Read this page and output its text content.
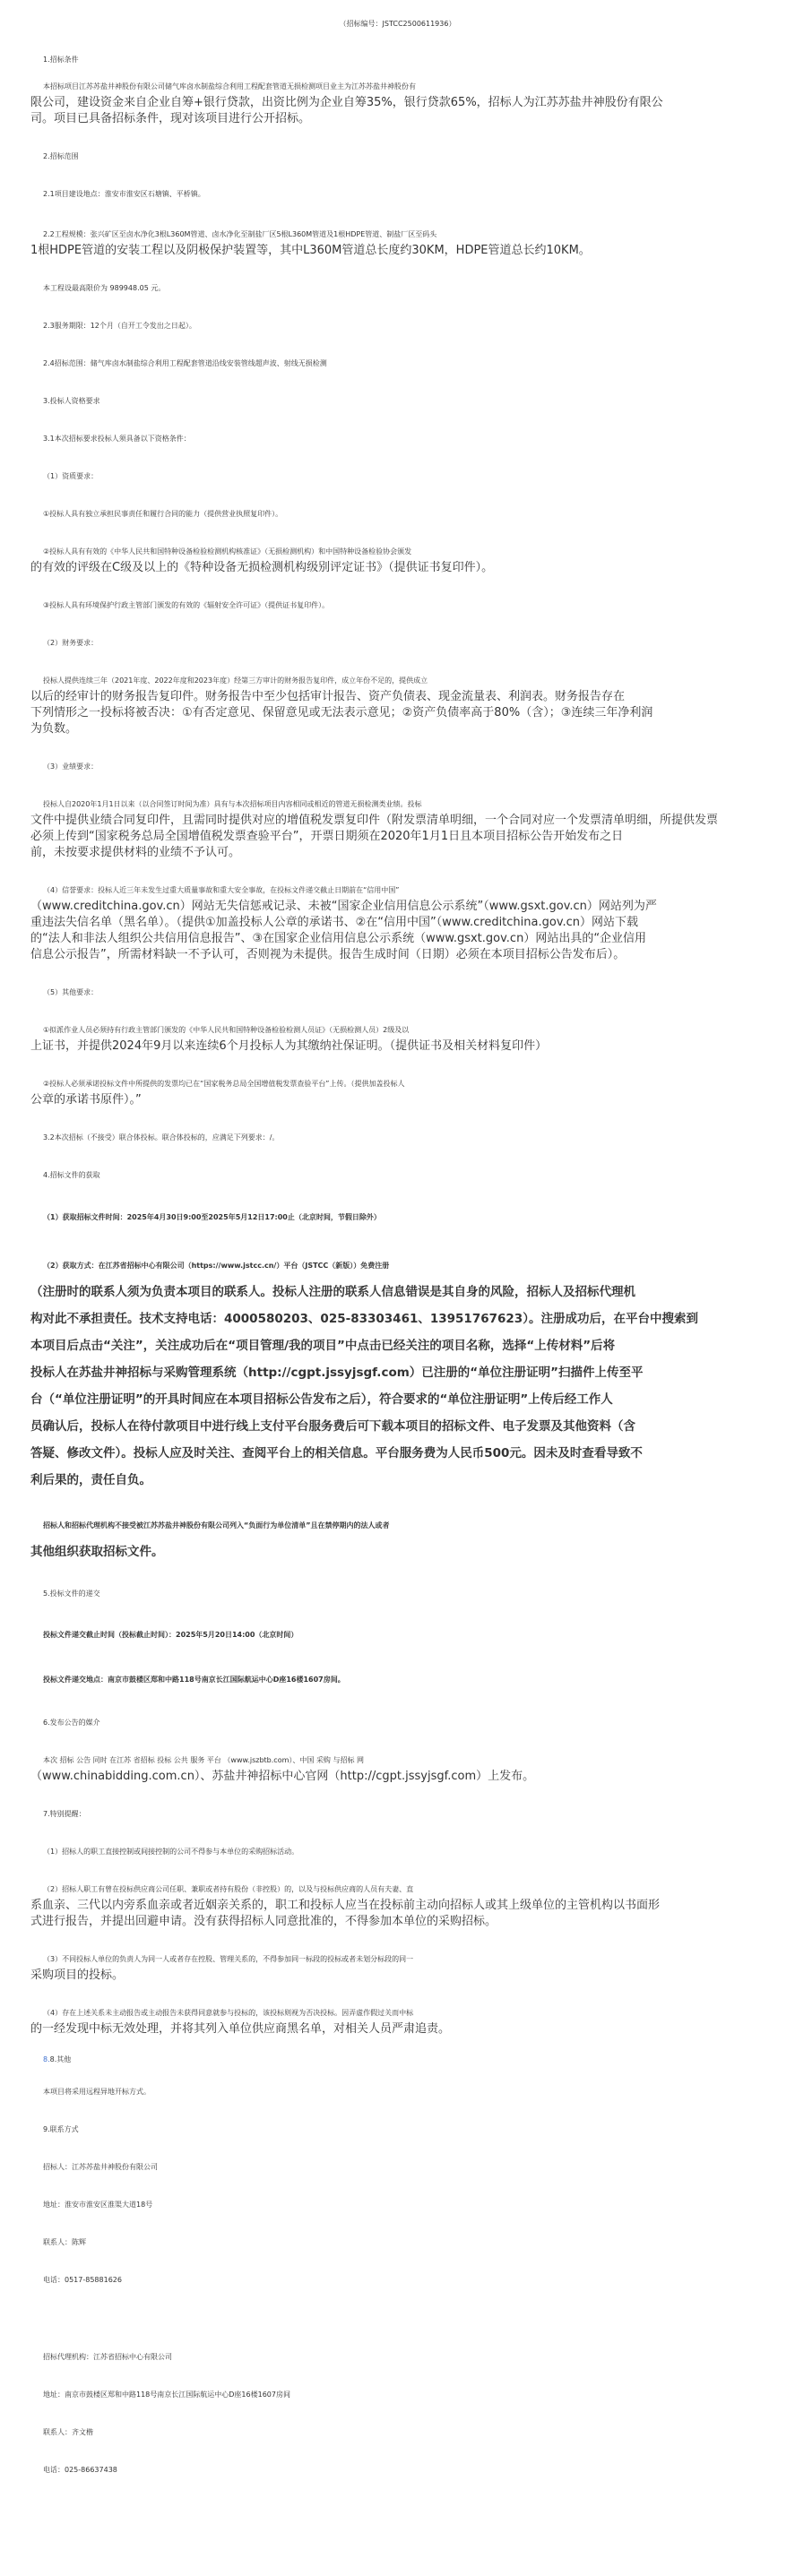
（招标编号：JSTCC2500611936）

1.招标条件

本招标项目江苏苏盐井神股份有限公司储气库卤水制盐综合利用工程配套管道无损检测项目业主为江苏苏盐井神股份有

限公司，建设资金来自企业自筹+银行贷款，出资比例为企业自筹35%，银行贷款65%，招标人为江苏苏盐井神股份有限公

司。项目已具备招标条件，现对该项目进行公开招标。

2.招标范围

2.1项目建设地点：淮安市淮安区石塘镇、平桥镇。

2.2工程规模：张兴矿区至卤水净化3根L360M管道、卤水净化至制盐厂区5根L360M管道及1根HDPE管道、制盐厂区至码头

1根HDPE管道的安装工程以及阴极保护装置等，其中L360M管道总长度约30KM，HDPE管道总长约10KM。

本工程设最高限价为 989948.05 元。

2.3服务期限：12个月（自开工令发出之日起）。

2.4招标范围：储气库卤水制盐综合利用工程配套管道沿线安装管线超声波、射线无损检测

3.投标人资格要求

3.1本次招标要求投标人须具备以下资格条件：

（1）资质要求：

①投标人具有独立承担民事责任和履行合同的能力（提供营业执照复印件）。

②投标人具有有效的《中华人民共和国特种设备检验检测机构核准证》（无损检测机构）和中国特种设备检验协会颁发

的有效的评级在C级及以上的《特种设备无损检测机构级别评定证书》（提供证书复印件）。

③投标人具有环境保护行政主管部门颁发的有效的《辐射安全许可证》（提供证书复印件）。

（2）财务要求：

投标人提供连续三年（2021年度、2022年度和2023年度）经第三方审计的财务报告复印件，成立年份不足的，提供成立

以后的经审计的财务报告复印件。财务报告中至少包括审计报告、资产负债表、现金流量表、利润表。财务报告存在

下列情形之一投标将被否决：①有否定意见、保留意见或无法表示意见；②资产负债率高于80%（含）；③连续三年净利润

为负数。

（3）业绩要求：

投标人自2020年1月1日以来（以合同签订时间为准）具有与本次招标项目内容相同或相近的管道无损检测类业绩。投标

文件中提供业绩合同复印件，且需同时提供对应的增值税发票复印件（附发票清单明细，一个合同对应一个发票清单明细，所提供发票

必须上传到“国家税务总局全国增值税发票查验平台”，开票日期须在2020年1月1日且本项目招标公告开始发布之日

前，未按要求提供材料的业绩不予认可。

（4）信誉要求：投标人近三年未发生过重大质量事故和重大安全事故，在投标文件递交截止日期前在“信用中国”

（www.creditchina.gov.cn）网站无失信惩戒记录、未被“国家企业信用信息公示系统”（www.gsxt.gov.cn）网站列为严

重违法失信名单（黑名单）。（提供①加盖投标人公章的承诺书、②在“信用中国”（www.creditchina.gov.cn）网站下载

的“法人和非法人组织公共信用信息报告”、③在国家企业信用信息公示系统（www.gsxt.gov.cn）网站出具的“企业信用

信息公示报告”，所需材料缺一不予认可，否则视为未提供。报告生成时间（日期）必须在本项目招标公告发布后）。

（5）其他要求：

①拟派作业人员必须持有行政主管部门颁发的《中华人民共和国特种设备检验检测人员证》（无损检测人员）2级及以

上证书，并提供2024年9月以来连续6个月投标人为其缴纳社保证明。（提供证书及相关材料复印件）

②投标人必须承诺投标文件中所提供的发票均已在“国家税务总局全国增值税发票查验平台”上传。（提供加盖投标人

公章的承诺书原件）。”

3.2本次招标（不接受）联合体投标。联合体投标的，应满足下列要求：/。

4.招标文件的获取

（1）获取招标文件时间：2025年4月30日9:00至2025年5月12日17:00止（北京时间，节假日除外）

（2）获取方式：在江苏省招标中心有限公司（https://www.jstcc.cn/）平台（JSTCC（新版））免费注册

（注册时的联系人须为负责本项目的联系人。投标人注册的联系人信息错误是其自身的风险，招标人及招标代理机

构对此不承担责任。技术支持电话：4000580203、025-83303461、13951767623）。注册成功后，在平台中搜索到

本项目后点击“关注”，关注成功后在“项目管理/我的项目”中点击已经关注的项目名称，选择“上传材料”后将

投标人在苏盐井神招标与采购管理系统（http://cgpt.jssyjsgf.com）已注册的“单位注册证明”扫描件上传至平

台（“单位注册证明”的开具时间应在本项目招标公告发布之后），符合要求的“单位注册证明”上传后经工作人

员确认后，投标人在待付款项目中进行线上支付平台服务费后可下载本项目的招标文件、电子发票及其他资料（含

答疑、修改文件）。投标人应及时关注、查阅平台上的相关信息。平台服务费为人民币500元。因未及时查看导致不

利后果的，责任自负。

招标人和招标代理机构不接受被江苏苏盐井神股份有限公司列入“负面行为单位清单”且在禁停期内的法人或者

其他组织获取招标文件。

5.投标文件的递交

投标文件递交截止时间（投标截止时间）：2025年5月20日14:00（北京时间）

投标文件递交地点：南京市鼓楼区郑和中路118号南京长江国际航运中心D座16楼1607房间。

6.发布公告的媒介

本次 招标 公告 同时 在江苏 省招标 投标 公共 服务 平台 （www.jszbtb.com）、中国 采购 与招标 网

（www.chinabidding.com.cn）、苏盐井神招标中心官网（http://cgpt.jssyjsgf.com）上发布。

7.特别提醒：

（1）招标人的职工直接控制或间接控制的公司不得参与本单位的采购招标活动。

（2）招标人职工有曾在投标供应商公司任职、兼职或者持有股份（非控股）的，以及与投标供应商的人员有夫妻、直

系血亲、三代以内旁系血亲或者近姻亲关系的，职工和投标人应当在投标前主动向招标人或其上级单位的主管机构以书面形

式进行报告，并提出回避申请。没有获得招标人同意批准的，不得参加本单位的采购招标。

（3）不同投标人单位的负责人为同一人或者存在控股、管理关系的，不得参加同一标段的投标或者未划分标段的同一

采购项目的投标。

（4）存在上述关系未主动报告或主动报告未获得同意就参与投标的，该投标则视为否决投标。因弄虚作假过关而中标

的一经发现中标无效处理，并将其列入单位供应商黑名单，对相关人员严肃追责。

8.8.其他

本项目将采用远程异地开标方式。

9.联系方式

招标人：江苏苏盐井神股份有限公司

地址：淮安市淮安区淮渠大道18号

联系人：陈辉

电话：0517-85881626

招标代理机构：江苏省招标中心有限公司

地址：南京市鼓楼区郑和中路118号南京长江国际航运中心D座16楼1607房间

联系人：齐文楷

电话：025-86637438
